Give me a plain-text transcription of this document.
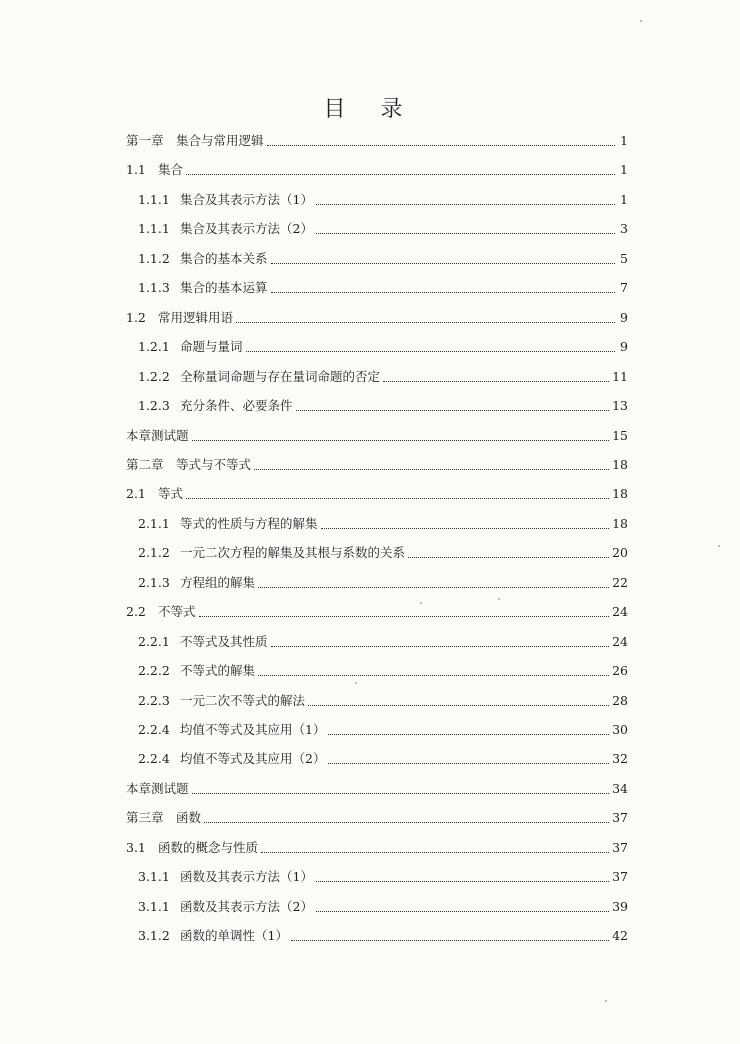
目 录
第一章　集合与常用逻辑	1
1.1 集合	1
1.1.1 集合及其表示方法（1）	1
1.1.1 集合及其表示方法（2）	3
1.1.2 集合的基本关系	5
1.1.3 集合的基本运算	7
1.2 常用逻辑用语	9
1.2.1 命题与量词	9
1.2.2 全称量词命题与存在量词命题的否定	11
1.2.3 充分条件、必要条件	13
本章测试题	15
第二章　等式与不等式	18
2.1 等式	18
2.1.1 等式的性质与方程的解集	18
2.1.2 一元二次方程的解集及其根与系数的关系	20
2.1.3 方程组的解集	22
2.2 不等式	24
2.2.1 不等式及其性质	24
2.2.2 不等式的解集	26
2.2.3 一元二次不等式的解法	28
2.2.4 均值不等式及其应用（1）	30
2.2.4 均值不等式及其应用（2）	32
本章测试题	34
第三章　函数	37
3.1 函数的概念与性质	37
3.1.1 函数及其表示方法（1）	37
3.1.1 函数及其表示方法（2）	39
3.1.2 函数的单调性（1）	42
